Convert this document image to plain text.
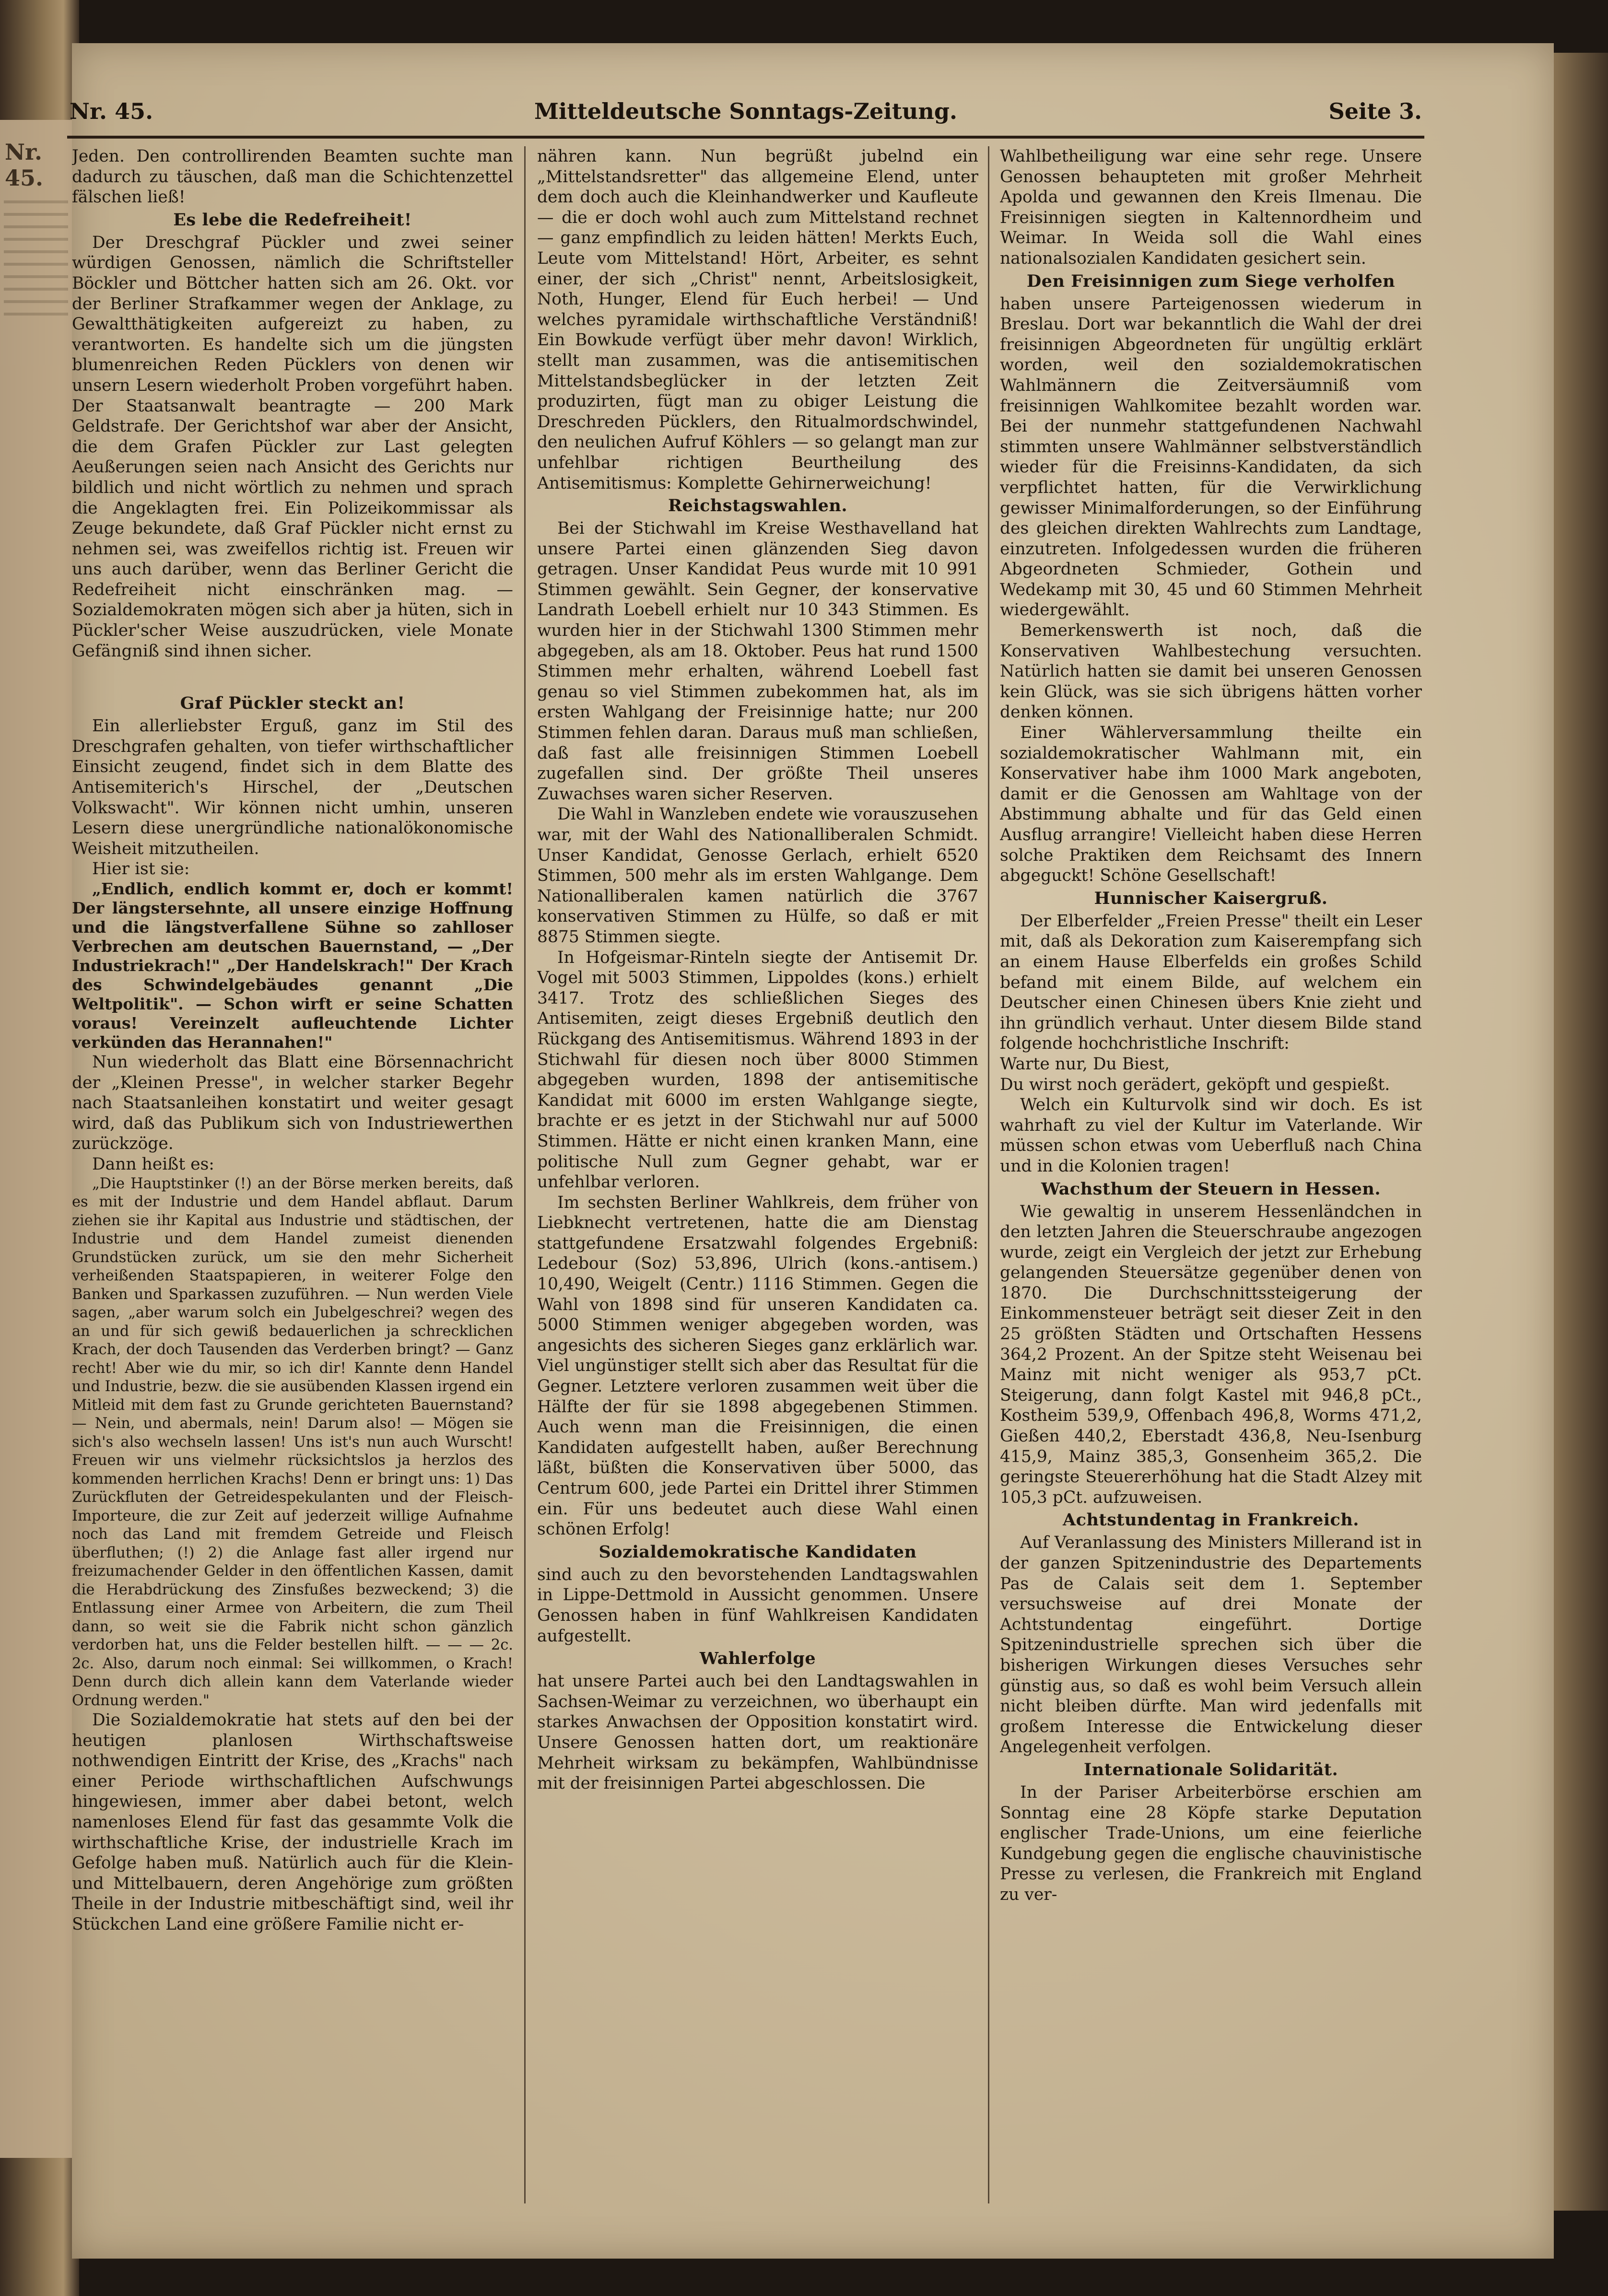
Nr. 45.
Nr. 45.	Mitteldeutsche Sonntags-Zeitung.	Seite 3.

Jeden. Den controllirenden Beamten suchte man dadurch zu täuschen, daß man die Schichtenzettel fälschen ließ!

Es lebe die Redefreiheit!

Der Dreschgraf Pückler und zwei seiner würdigen Genossen, nämlich die Schriftsteller Böckler und Böttcher hatten sich am 26. Okt. vor der Berliner Strafkammer wegen der Anklage, zu Gewaltthätigkeiten aufgereizt zu haben, zu verantworten. Es handelte sich um die jüngsten blumenreichen Reden Pücklers von denen wir unsern Lesern wiederholt Proben vorgeführt haben. Der Staatsanwalt beantragte — 200 Mark Geldstrafe. Der Gerichtshof war aber der Ansicht, die dem Grafen Pückler zur Last gelegten Aeußerungen seien nach Ansicht des Gerichts nur bildlich und nicht wörtlich zu nehmen und sprach die Angeklagten frei. Ein Polizeikommissar als Zeuge bekundete, daß Graf Pückler nicht ernst zu nehmen sei, was zweifellos richtig ist. Freuen wir uns auch darüber, wenn das Berliner Gericht die Redefreiheit nicht einschränken mag. — Sozialdemokraten mögen sich aber ja hüten, sich in Pückler'scher Weise auszudrücken, viele Monate Gefängniß sind ihnen sicher.

Graf Pückler steckt an!

Ein allerliebster Erguß, ganz im Stil des Dreschgrafen gehalten, von tiefer wirthschaftlicher Einsicht zeugend, findet sich in dem Blatte des Antisemiterich's Hirschel, der „Deutschen Volkswacht". Wir können nicht umhin, unseren Lesern diese unergründliche nationalökonomische Weisheit mitzutheilen.

Hier ist sie:

„Endlich, endlich kommt er, doch er kommt! Der längstersehnte, all unsere einzige Hoffnung und die längstverfallene Sühne so zahlloser Verbrechen am deutschen Bauernstand, — „Der Industriekrach!" „Der Handelskrach!" Der Krach des Schwindelgebäudes genannt „Die Weltpolitik". — Schon wirft er seine Schatten voraus! Vereinzelt aufleuchtende Lichter verkünden das Herannahen!"

Nun wiederholt das Blatt eine Börsennachricht der „Kleinen Presse", in welcher starker Begehr nach Staatsanleihen konstatirt und weiter gesagt wird, daß das Publikum sich von Industriewerthen zurückzöge.

Dann heißt es:

„Die Hauptstinker (!) an der Börse merken bereits, daß es mit der Industrie und dem Handel abflaut. Darum ziehen sie ihr Kapital aus Industrie und städtischen, der Industrie und dem Handel zumeist dienenden Grundstücken zurück, um sie den mehr Sicherheit verheißenden Staatspapieren, in weiterer Folge den Banken und Sparkassen zuzuführen. — Nun werden Viele sagen, „aber warum solch ein Jubelgeschrei? wegen des an und für sich gewiß bedauerlichen ja schrecklichen Krach, der doch Tausenden das Verderben bringt? — Ganz recht! Aber wie du mir, so ich dir! Kannte denn Handel und Industrie, bezw. die sie ausübenden Klassen irgend ein Mitleid mit dem fast zu Grunde gerichteten Bauernstand? — Nein, und abermals, nein! Darum also! — Mögen sie sich's also wechseln lassen! Uns ist's nun auch Wurscht! Freuen wir uns vielmehr rücksichtslos ja herzlos des kommenden herrlichen Krachs! Denn er bringt uns: 1) Das Zurückfluten der Getreidespekulanten und der Fleisch-Importeure, die zur Zeit auf jederzeit willige Aufnahme noch das Land mit fremdem Getreide und Fleisch überfluthen; (!) 2) die Anlage fast aller irgend nur freizumachender Gelder in den öffentlichen Kassen, damit die Herabdrückung des Zinsfußes bezweckend; 3) die Entlassung einer Armee von Arbeitern, die zum Theil dann, so weit sie die Fabrik nicht schon gänzlich verdorben hat, uns die Felder bestellen hilft. — — — 2c. 2c. Also, darum noch einmal: Sei willkommen, o Krach! Denn durch dich allein kann dem Vaterlande wieder Ordnung werden."

Die Sozialdemokratie hat stets auf den bei der heutigen planlosen Wirthschaftsweise nothwendigen Eintritt der Krise, des „Krachs" nach einer Periode wirthschaftlichen Aufschwungs hingewiesen, immer aber dabei betont, welch namenloses Elend für fast das gesammte Volk die wirthschaftliche Krise, der industrielle Krach im Gefolge haben muß. Natürlich auch für die Klein- und Mittelbauern, deren Angehörige zum größten Theile in der Industrie mitbeschäftigt sind, weil ihr Stückchen Land eine größere Familie nicht er-

nähren kann. Nun begrüßt jubelnd ein „Mittelstandsretter" das allgemeine Elend, unter dem doch auch die Kleinhandwerker und Kaufleute — die er doch wohl auch zum Mittelstand rechnet — ganz empfindlich zu leiden hätten! Merkts Euch, Leute vom Mittelstand! Hört, Arbeiter, es sehnt einer, der sich „Christ" nennt, Arbeitslosigkeit, Noth, Hunger, Elend für Euch herbei! — Und welches pyramidale wirthschaftliche Verständniß! Ein Bowkude verfügt über mehr davon! Wirklich, stellt man zusammen, was die antisemitischen Mittelstandsbeglücker in der letzten Zeit produzirten, fügt man zu obiger Leistung die Dreschreden Pücklers, den Ritualmordschwindel, den neulichen Aufruf Köhlers — so gelangt man zur unfehlbar richtigen Beurtheilung des Antisemitismus: Komplette Gehirnerweichung!

Reichstagswahlen.

Bei der Stichwahl im Kreise Westhavelland hat unsere Partei einen glänzenden Sieg davon getragen. Unser Kandidat Peus wurde mit 10 991 Stimmen gewählt. Sein Gegner, der konservative Landrath Loebell erhielt nur 10 343 Stimmen. Es wurden hier in der Stichwahl 1300 Stimmen mehr abgegeben, als am 18. Oktober. Peus hat rund 1500 Stimmen mehr erhalten, während Loebell fast genau so viel Stimmen zubekommen hat, als im ersten Wahlgang der Freisinnige hatte; nur 200 Stimmen fehlen daran. Daraus muß man schließen, daß fast alle freisinnigen Stimmen Loebell zugefallen sind. Der größte Theil unseres Zuwachses waren sicher Reserven.

Die Wahl in Wanzleben endete wie vorauszusehen war, mit der Wahl des Nationalliberalen Schmidt. Unser Kandidat, Genosse Gerlach, erhielt 6520 Stimmen, 500 mehr als im ersten Wahlgange. Dem Nationalliberalen kamen natürlich die 3767 konservativen Stimmen zu Hülfe, so daß er mit 8875 Stimmen siegte.

In Hofgeismar-Rinteln siegte der Antisemit Dr. Vogel mit 5003 Stimmen, Lippoldes (kons.) erhielt 3417. Trotz des schließlichen Sieges des Antisemiten, zeigt dieses Ergebniß deutlich den Rückgang des Antisemitismus. Während 1893 in der Stichwahl für diesen noch über 8000 Stimmen abgegeben wurden, 1898 der antisemitische Kandidat mit 6000 im ersten Wahlgange siegte, brachte er es jetzt in der Stichwahl nur auf 5000 Stimmen. Hätte er nicht einen kranken Mann, eine politische Null zum Gegner gehabt, war er unfehlbar verloren.

Im sechsten Berliner Wahlkreis, dem früher von Liebknecht vertretenen, hatte die am Dienstag stattgefundene Ersatzwahl folgendes Ergebniß: Ledebour (Soz) 53,896, Ulrich (kons.-antisem.) 10,490, Weigelt (Centr.) 1116 Stimmen. Gegen die Wahl von 1898 sind für unseren Kandidaten ca. 5000 Stimmen weniger abgegeben worden, was angesichts des sicheren Sieges ganz erklärlich war. Viel ungünstiger stellt sich aber das Resultat für die Gegner. Letztere verloren zusammen weit über die Hälfte der für sie 1898 abgegebenen Stimmen. Auch wenn man die Freisinnigen, die einen Kandidaten aufgestellt haben, außer Berechnung läßt, büßten die Konservativen über 5000, das Centrum 600, jede Partei ein Drittel ihrer Stimmen ein. Für uns bedeutet auch diese Wahl einen schönen Erfolg!

Sozialdemokratische Kandidaten

sind auch zu den bevorstehenden Landtagswahlen in Lippe-Dettmold in Aussicht genommen. Unsere Genossen haben in fünf Wahlkreisen Kandidaten aufgestellt.

Wahlerfolge

hat unsere Partei auch bei den Landtagswahlen in Sachsen-Weimar zu verzeichnen, wo überhaupt ein starkes Anwachsen der Opposition konstatirt wird. Unsere Genossen hatten dort, um reaktionäre Mehrheit wirksam zu bekämpfen, Wahlbündnisse mit der freisinnigen Partei abgeschlossen. Die

Wahlbetheiligung war eine sehr rege. Unsere Genossen behaupteten mit großer Mehrheit Apolda und gewannen den Kreis Ilmenau. Die Freisinnigen siegten in Kaltennordheim und Weimar. In Weida soll die Wahl eines nationalsozialen Kandidaten gesichert sein.

Den Freisinnigen zum Siege verholfen

haben unsere Parteigenossen wiederum in Breslau. Dort war bekanntlich die Wahl der drei freisinnigen Abgeordneten für ungültig erklärt worden, weil den sozialdemokratischen Wahlmännern die Zeitversäumniß vom freisinnigen Wahlkomitee bezahlt worden war. Bei der nunmehr stattgefundenen Nachwahl stimmten unsere Wahlmänner selbstverständlich wieder für die Freisinns-Kandidaten, da sich verpflichtet hatten, für die Verwirklichung gewisser Minimalforderungen, so der Einführung des gleichen direkten Wahlrechts zum Landtage, einzutreten. Infolgedessen wurden die früheren Abgeordneten Schmieder, Gothein und Wedekamp mit 30, 45 und 60 Stimmen Mehrheit wiedergewählt.

Bemerkenswerth ist noch, daß die Konservativen Wahlbestechung versuchten. Natürlich hatten sie damit bei unseren Genossen kein Glück, was sie sich übrigens hätten vorher denken können.

Einer Wählerversammlung theilte ein sozialdemokratischer Wahlmann mit, ein Konservativer habe ihm 1000 Mark angeboten, damit er die Genossen am Wahltage von der Abstimmung abhalte und für das Geld einen Ausflug arrangire! Vielleicht haben diese Herren solche Praktiken dem Reichsamt des Innern abgeguckt! Schöne Gesellschaft!

Hunnischer Kaisergruß.

Der Elberfelder „Freien Presse" theilt ein Leser mit, daß als Dekoration zum Kaiserempfang sich an einem Hause Elberfelds ein großes Schild befand mit einem Bilde, auf welchem ein Deutscher einen Chinesen übers Knie zieht und ihn gründlich verhaut. Unter diesem Bilde stand folgende hochchristliche Inschrift:

Warte nur, Du Biest,

Du wirst noch gerädert, geköpft und gespießt.

Welch ein Kulturvolk sind wir doch. Es ist wahrhaft zu viel der Kultur im Vaterlande. Wir müssen schon etwas vom Ueberfluß nach China und in die Kolonien tragen!

Wachsthum der Steuern in Hessen.

Wie gewaltig in unserem Hessenländchen in den letzten Jahren die Steuerschraube angezogen wurde, zeigt ein Vergleich der jetzt zur Erhebung gelangenden Steuersätze gegenüber denen von 1870. Die Durchschnittssteigerung der Einkommensteuer beträgt seit dieser Zeit in den 25 größten Städten und Ortschaften Hessens 364,2 Prozent. An der Spitze steht Weisenau bei Mainz mit nicht weniger als 953,7 pCt. Steigerung, dann folgt Kastel mit 946,8 pCt., Kostheim 539,9, Offenbach 496,8, Worms 471,2, Gießen 440,2, Eberstadt 436,8, Neu-Isenburg 415,9, Mainz 385,3, Gonsenheim 365,2. Die geringste Steuererhöhung hat die Stadt Alzey mit 105,3 pCt. aufzuweisen.

Achtstundentag in Frankreich.

Auf Veranlassung des Ministers Millerand ist in der ganzen Spitzenindustrie des Departements Pas de Calais seit dem 1. September versuchsweise auf drei Monate der Achtstundentag eingeführt. Dortige Spitzenindustrielle sprechen sich über die bisherigen Wirkungen dieses Versuches sehr günstig aus, so daß es wohl beim Versuch allein nicht bleiben dürfte. Man wird jedenfalls mit großem Interesse die Entwickelung dieser Angelegenheit verfolgen.

Internationale Solidarität.

In der Pariser Arbeiterbörse erschien am Sonntag eine 28 Köpfe starke Deputation englischer Trade-Unions, um eine feierliche Kundgebung gegen die englische chauvinistische Presse zu verlesen, die Frankreich mit England zu ver-
